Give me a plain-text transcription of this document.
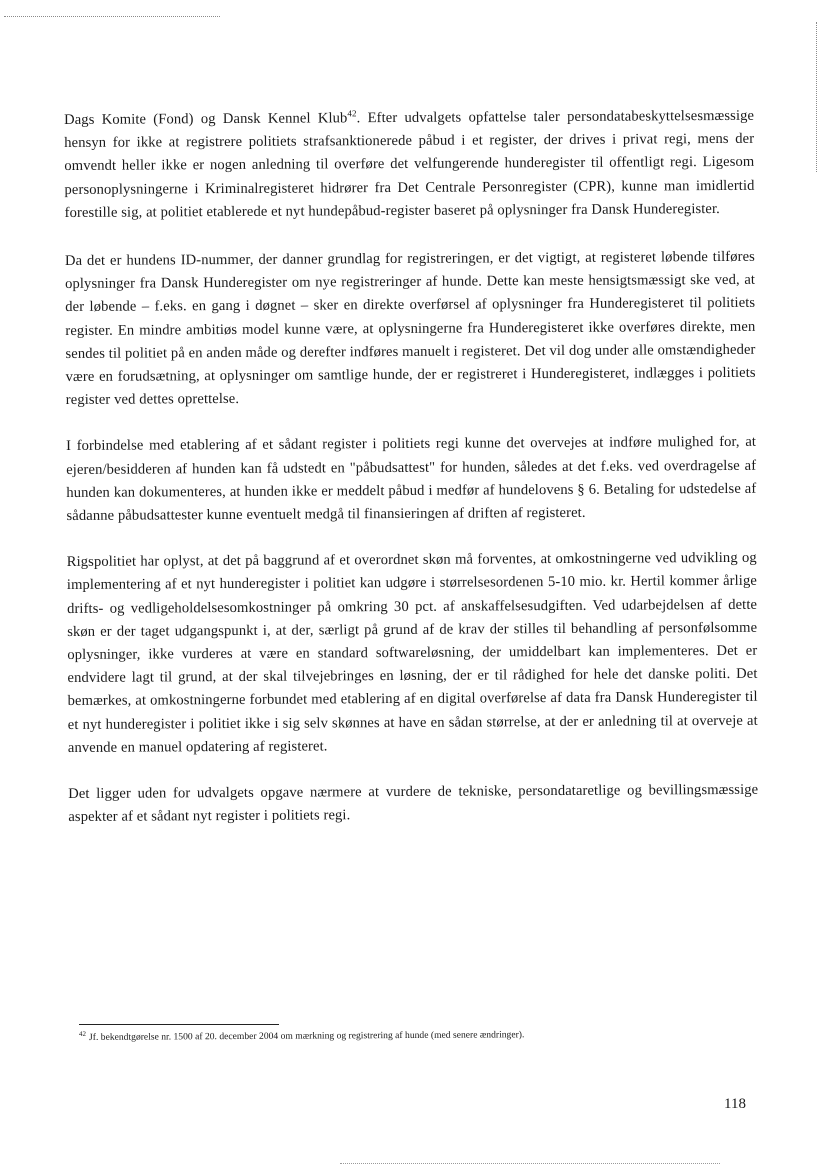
Dags Komite (Fond) og Dansk Kennel Klub$^{42}$. Efter udvalgets opfattelse taler persondatabeskyttelsesmæssige hensyn for ikke at registrere politiets strafsanktionerede påbud i et register, der drives i privat regi, mens der omvendt heller ikke er nogen anledning til overføre det velfungerende hunderegister til offentligt regi. Ligesom personoplysningerne i Kriminalregisteret hidrører fra Det Centrale Personregister (CPR), kunne man imidlertid forestille sig, at politiet etablerede et nyt hundepåbud-register baseret på oplysninger fra Dansk Hunderegister.

Da det er hundens ID-nummer, der danner grundlag for registreringen, er det vigtigt, at registeret løbende tilføres oplysninger fra Dansk Hunderegister om nye registreringer af hunde. Dette kan meste hensigtsmæssigt ske ved, at der løbende – f.eks. en gang i døgnet – sker en direkte overførsel af oplysninger fra Hunderegisteret til politiets register. En mindre ambitiøs model kunne være, at oplysningerne fra Hunderegisteret ikke overføres direkte, men sendes til politiet på en anden måde og derefter indføres manuelt i registeret. Det vil dog under alle omstændigheder være en forudsætning, at oplysninger om samtlige hunde, der er registreret i Hunderegisteret, indlægges i politiets register ved dettes oprettelse.

I forbindelse med etablering af et sådant register i politiets regi kunne det overvejes at indføre mulighed for, at ejeren/besidderen af hunden kan få udstedt en "påbudsattest" for hunden, således at det f.eks. ved overdragelse af hunden kan dokumenteres, at hunden ikke er meddelt påbud i medfør af hundelovens § 6. Betaling for udstedelse af sådanne påbudsattester kunne eventuelt medgå til finansieringen af driften af registeret.

Rigspolitiet har oplyst, at det på baggrund af et overordnet skøn må forventes, at omkostningerne ved udvikling og implementering af et nyt hunderegister i politiet kan udgøre i størrelsesordenen 5-10 mio. kr. Hertil kommer årlige drifts- og vedligeholdelsesomkostninger på omkring 30 pct. af anskaffelsesudgiften. Ved udarbejdelsen af dette skøn er der taget udgangspunkt i, at der, særligt på grund af de krav der stilles til behandling af personfølsomme oplysninger, ikke vurderes at være en standard softwareløsning, der umiddelbart kan implementeres. Det er endvidere lagt til grund, at der skal tilvejebringes en løsning, der er til rådighed for hele det danske politi. Det bemærkes, at omkostningerne forbundet med etablering af en digital overførelse af data fra Dansk Hunderegister til et nyt hunderegister i politiet ikke i sig selv skønnes at have en sådan størrelse, at der er anledning til at overveje at anvende en manuel opdatering af registeret.

Det ligger uden for udvalgets opgave nærmere at vurdere de tekniske, persondataretlige og bevillingsmæssige aspekter af et sådant nyt register i politiets regi.

$^{42}$ Jf. bekendtgørelse nr. 1500 af 20. december 2004 om mærkning og registrering af hunde (med senere ændringer).
118
